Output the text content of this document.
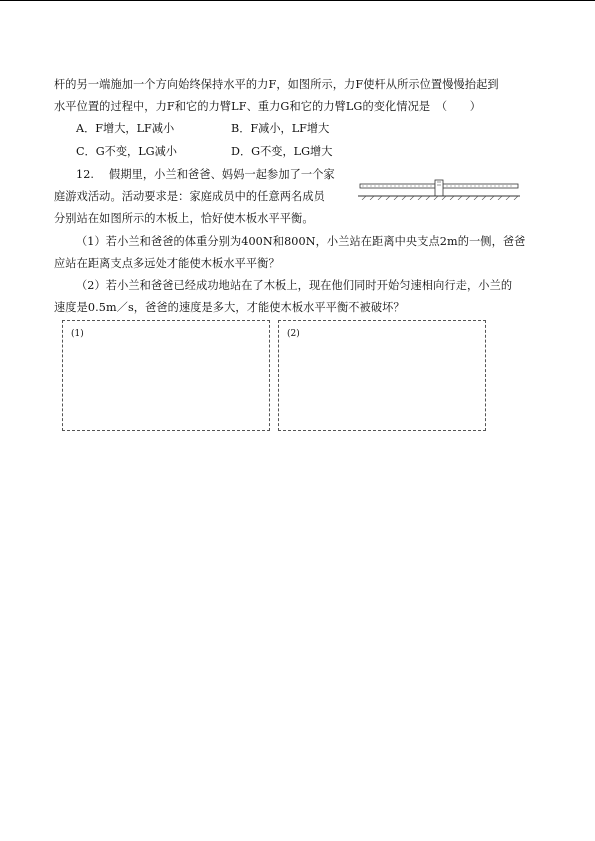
杆的另一端施加一个方向始终保持水平的力F，如图所示，力F使杆从所示位置慢慢抬起到
水平位置的过程中，力F和它的力臂LF、重力G和它的力臂LG的变化情况是　（　　）
A．F增大，LF减小	B．F减小，LF增大
C．G不变，LG减小	D．G不变，LG增大
12.　 假期里，小兰和爸爸、妈妈一起参加了一个家
庭游戏活动。活动要求是：家庭成员中的任意两名成员
分别站在如图所示的木板上，恰好使木板水平平衡。
（1）若小兰和爸爸的体重分别为400N和800N，小兰站在距离中央支点2m的一侧，爸爸
应站在距离支点多远处才能使木板水平平衡？
（2）若小兰和爸爸已经成功地站在了木板上，现在他们同时开始匀速相向行走，小兰的
速度是0.5m／s，爸爸的速度是多大，才能使木板水平平衡不被破坏？
(1)	(2)
